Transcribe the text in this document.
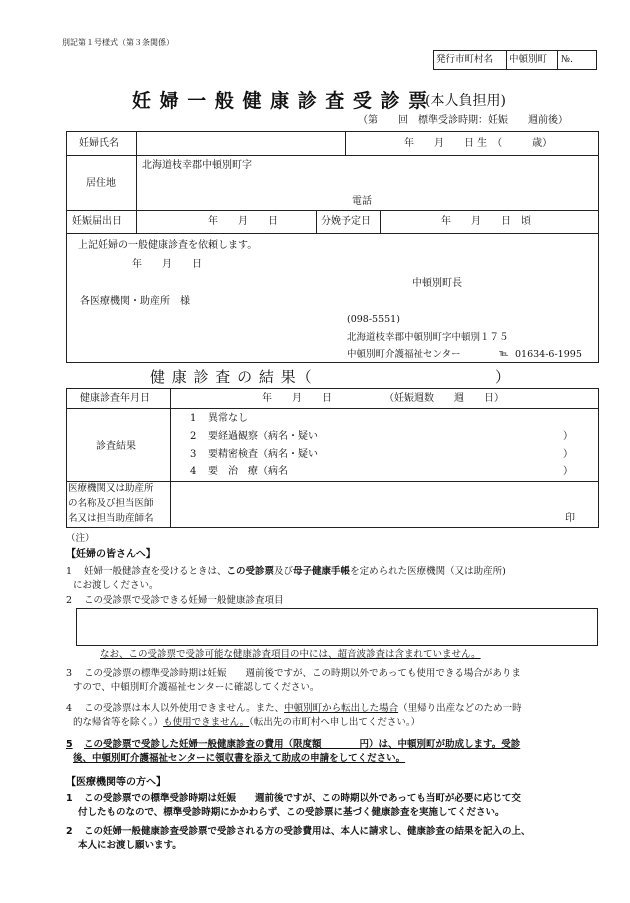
別記第１号様式（第３条関係）
発行市町村名 中頓別町 №.
妊 婦 一 般 健 康 診 査 受 診 票
(本人負担用)
（第　　回　標準受診時期：妊娠　　週前後）
妊婦氏名	年　　月　　日 生　（　　　歳）
居住地
北海道枝幸郡中頓別町字
電話
妊娠届出日	年　　月　　日	分娩予定日	年　　月　　日　頃
上記妊婦の一般健康診査を依頼します。
年　　月　　日
中頓別町長
各医療機関・助産所　様
(098-5551)
北海道枝幸郡中頓別町字中頓別１７５
中頓別町介護福祉センター	℡ 01634-6-1995
健 康 診 査 の 結 果（	）
健康診査年月日	年　　月　　日	（妊娠週数　　週　　日）
診査結果
1 異常なし
2 要経過観察（病名・疑い	）
3 要精密検査（病名・疑い	）
4 要　治　療（病名	）
医療機関又は助産所
の名称及び担当医師
名又は担当助産師名	印
（注）
【妊婦の皆さんへ】
1 妊婦一般健診査を受けるときは、この受診票及び母子健康手帳を定められた医療機関（又は助産所)
にお渡しください。
2 この受診票で受診できる妊婦一般健康診査項目
なお、この受診票で受診可能な健康診査項目の中には、超音波診査は含まれていません。
3 この受診票の標準受診時期は妊娠　　週前後ですが、この時期以外であっても使用できる場合がありま
すので、中頓別町介護福祉センターに確認してください。
4 この受診票は本人以外使用できません。また、中頓別町から転出した場合（里帰り出産などのため一時
的な帰省等を除く。）も使用できません。（転出先の市町村へ申し出てください。）
5 この受診票で受診した妊婦一般健康診査の費用（限度額　　　　円）は、中頓別町が助成します。受診
後、中頓別町介護福祉センターに領収書を添えて助成の申請をしてください。
【医療機関等の方へ】
1 この受診票での標準受診時期は妊娠　　週前後ですが、この時期以外であっても当町が必要に応じて交
付したものなので、標準受診時期にかかわらず、この受診票に基づく健康診査を実施してください。
2 この妊婦一般健康診査受診票で受診される方の受診費用は、本人に請求し、健康診査の結果を記入の上、
本人にお渡し願います。
